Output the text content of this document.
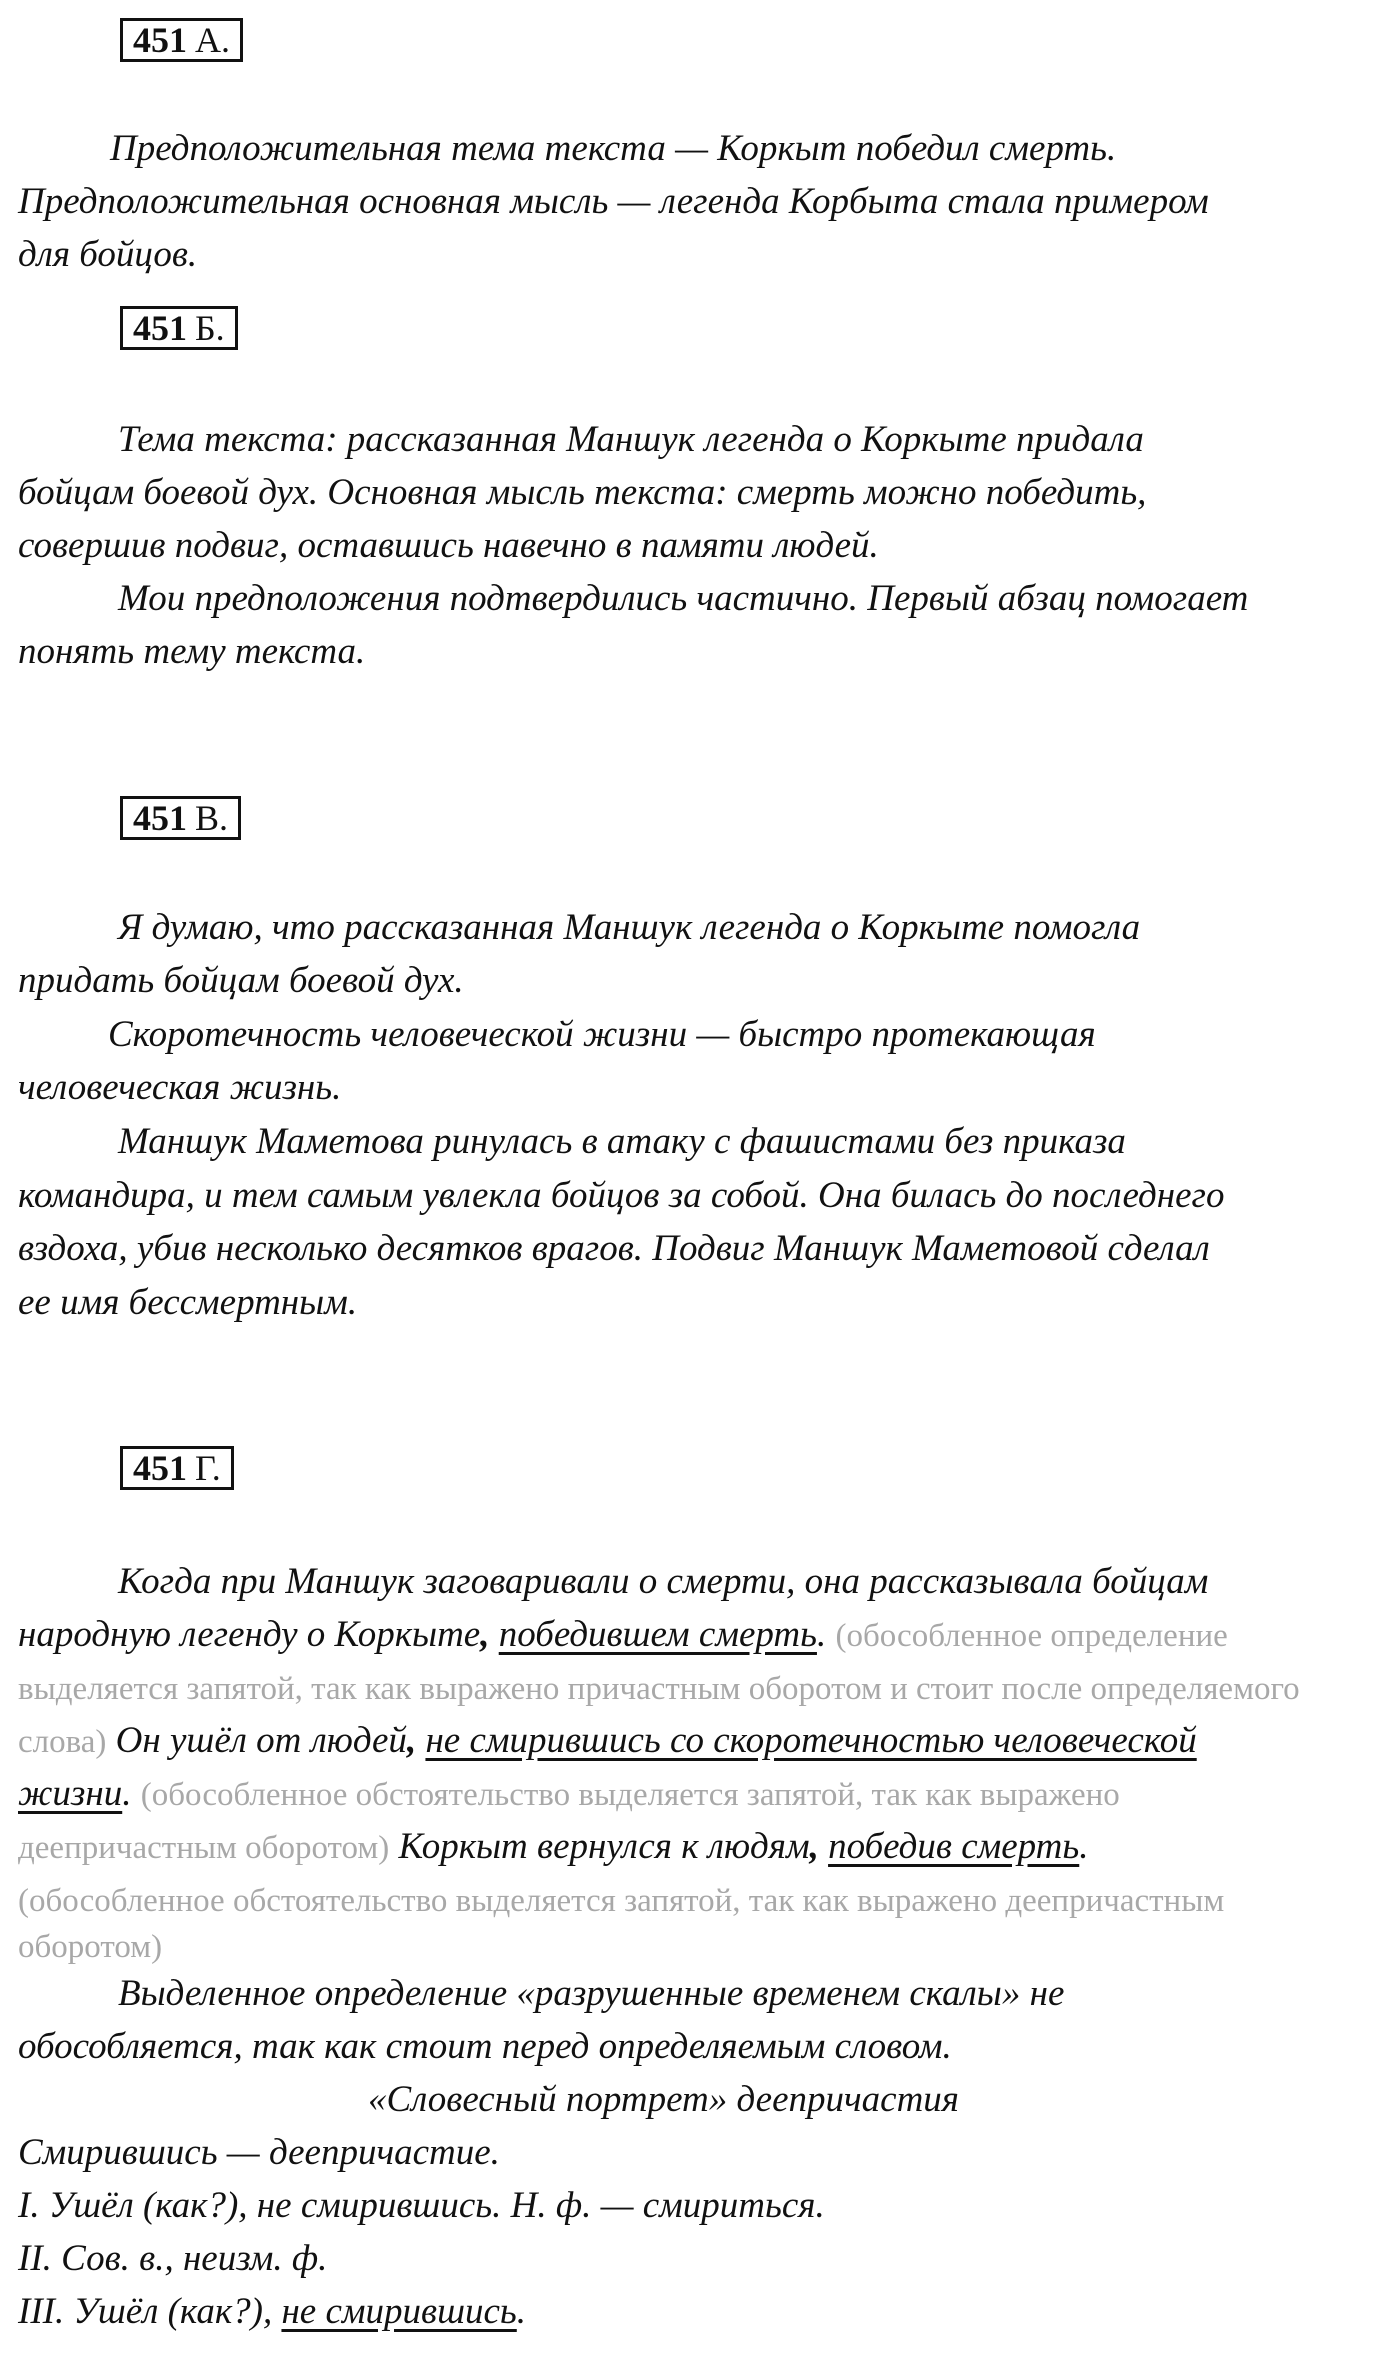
451 А.
Предположительная тема текста — Коркыт победил смерть.
Предположительная основная мысль — легенда Корбыта стала примером
для бойцов.
451 Б.
Тема текста: рассказанная Маншук легенда о Коркыте придала
бойцам боевой дух. Основная мысль текста: смерть можно победить,
совершив подвиг, оставшись навечно в памяти людей.
Мои предположения подтвердились частично. Первый абзац помогает
понять тему текста.
451 В.
Я думаю, что рассказанная Маншук легенда о Коркыте помогла
придать бойцам боевой дух.
Скоротечность человеческой жизни — быстро протекающая
человеческая жизнь.
Маншук Маметова ринулась в атаку с фашистами без приказа
командира, и тем самым увлекла бойцов за собой. Она билась до последнего
вздоха, убив несколько десятков врагов. Подвиг Маншук Маметовой сделал
ее имя бессмертным.
451 Г.
Когда при Маншук заговаривали о смерти, она рассказывала бойцам
народную легенду о Коркыте, победившем смерть. (обособленное определение
выделяется запятой, так как выражено причастным оборотом и стоит после определяемого
слова) Он ушёл от людей, не смирившись со скоротечностью человеческой
жизни. (обособленное обстоятельство выделяется запятой, так как выражено
деепричастным оборотом) Коркыт вернулся к людям, победив смерть.
(обособленное обстоятельство выделяется запятой, так как выражено деепричастным
оборотом)
Выделенное определение «разрушенные временем скалы» не
обособляется, так как стоит перед определяемым словом.
«Словесный портрет» деепричастия
Смирившись — деепричастие.
I. Ушёл (как?), не смирившись. Н. ф. — смириться.
II. Сов. в., неизм. ф.
III. Ушёл (как?), не смирившись.
